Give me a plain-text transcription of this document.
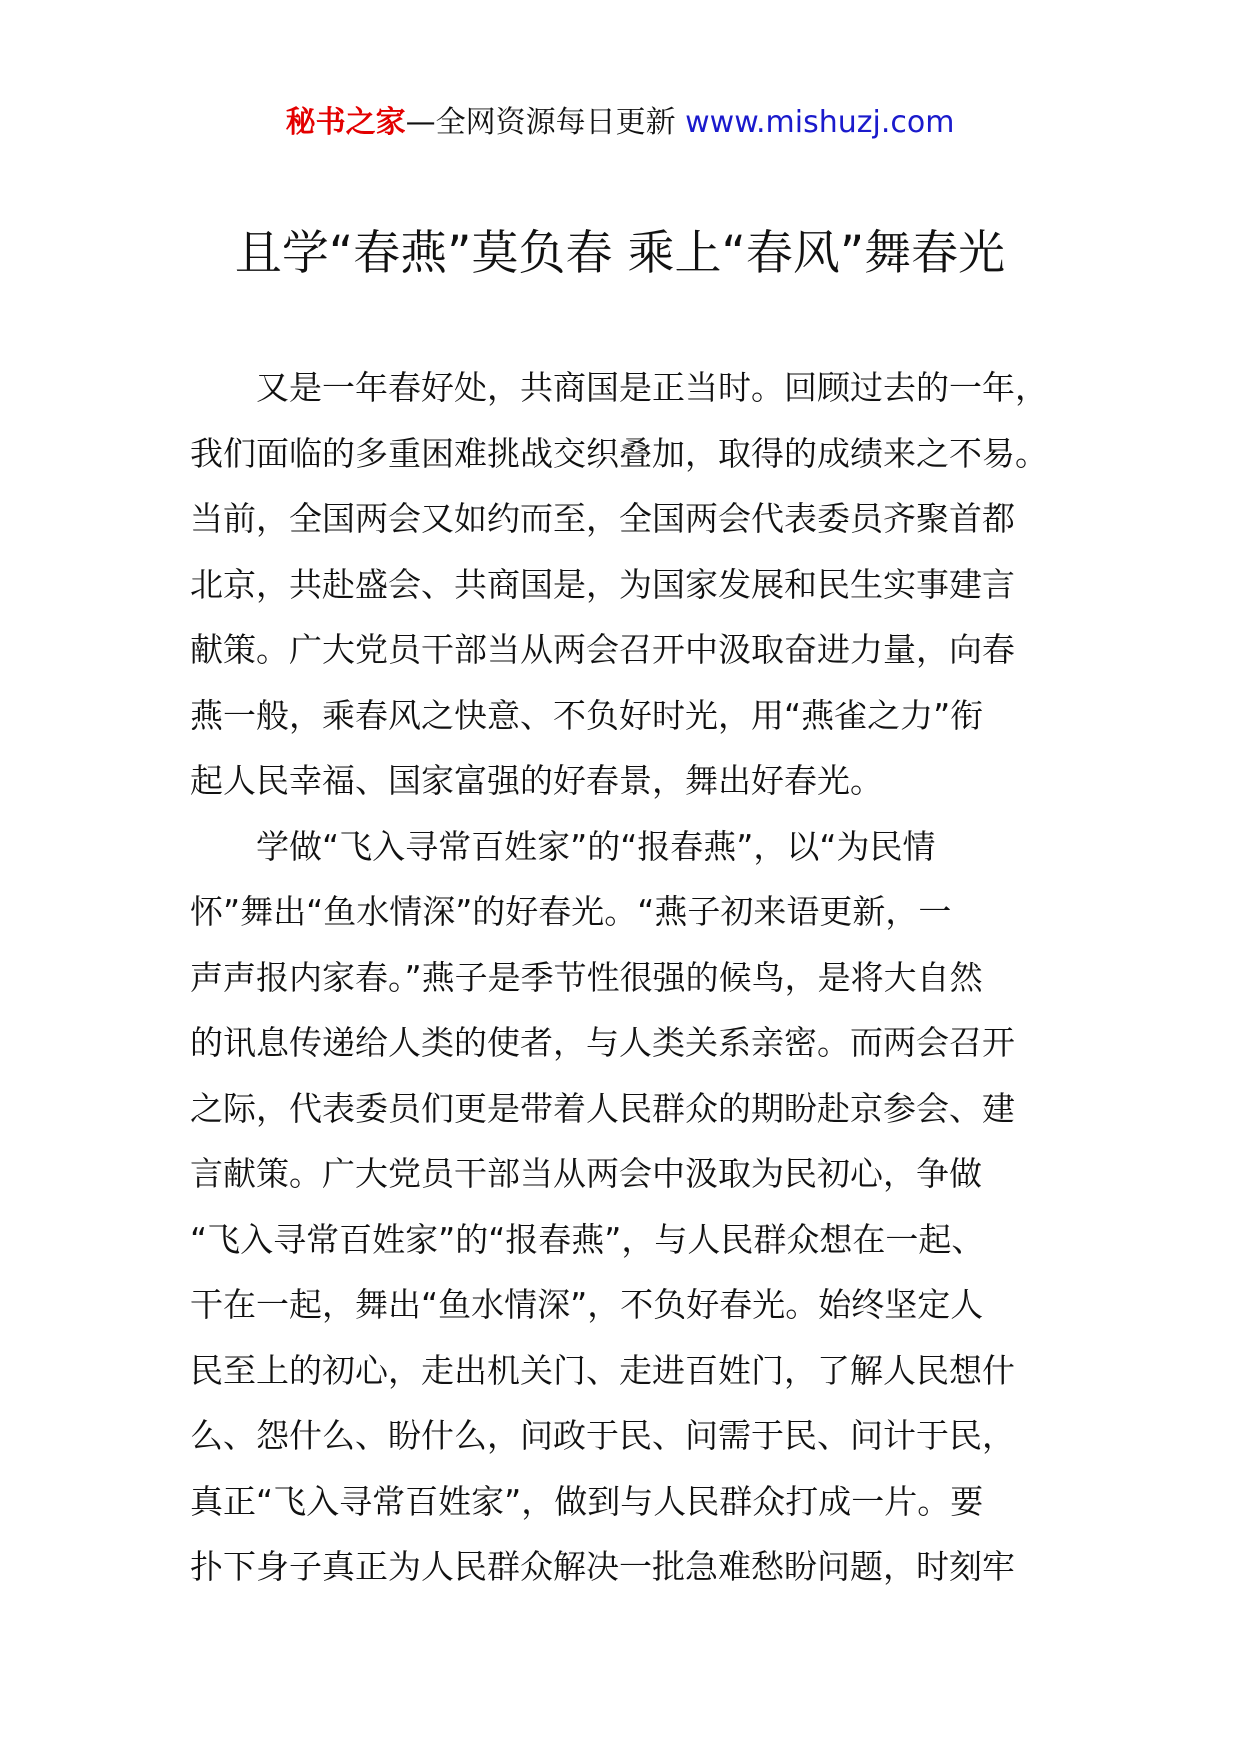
秘书之家—全网资源每日更新 www.mishuzj.com
且学“春燕”莫负春 乘上“春风”舞春光
又是一年春好处，共商国是正当时。回顾过去的一年，
我们面临的多重困难挑战交织叠加，取得的成绩来之不易。
当前，全国两会又如约而至，全国两会代表委员齐聚首都
北京，共赴盛会、共商国是，为国家发展和民生实事建言
献策。广大党员干部当从两会召开中汲取奋进力量，向春
燕一般，乘春风之快意、不负好时光，用“燕雀之力”衔
起人民幸福、国家富强的好春景，舞出好春光。
学做“飞入寻常百姓家”的“报春燕”，以“为民情
怀”舞出“鱼水情深”的好春光。“燕子初来语更新，一
声声报内家春。”燕子是季节性很强的候鸟，是将大自然
的讯息传递给人类的使者，与人类关系亲密。而两会召开
之际，代表委员们更是带着人民群众的期盼赴京参会、建
言献策。广大党员干部当从两会中汲取为民初心，争做
“飞入寻常百姓家”的“报春燕”，与人民群众想在一起、
干在一起，舞出“鱼水情深”，不负好春光。始终坚定人
民至上的初心，走出机关门、走进百姓门，了解人民想什
么、怨什么、盼什么，问政于民、问需于民、问计于民，
真正“飞入寻常百姓家”，做到与人民群众打成一片。要
扑下身子真正为人民群众解决一批急难愁盼问题，时刻牢
